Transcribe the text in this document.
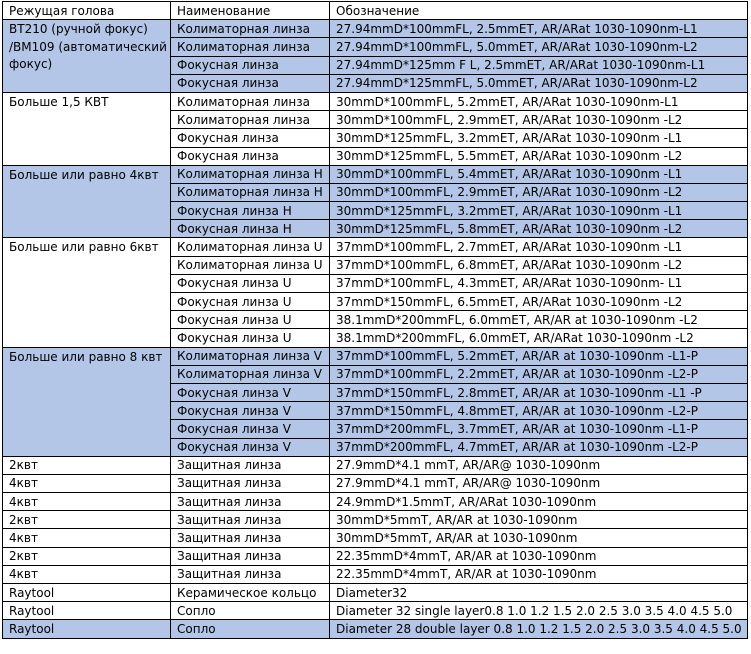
Режущая голова	Наименование	Обозначение
BT210 (ручной фокус) /BM109 (автоматический фокус)	Колиматорная линза	27.94mmD*100mmFL, 2.5mmET, AR/ARat 1030-1090nm-L1
	Колиматорная линза	27.94mmD*100mmFL, 5.0mmET, AR/ARat 1030-1090nm-L2
	Фокусная линза	27.94mmD*125mm F L, 2.5mmET, AR/ARat 1030-1090nm-L1
	Фокусная линза	27.94mmD*125mmFL, 5.0mmET, AR/ARat 1030-1090nm-L2
Больше 1,5 КВТ	Колиматорная линза	30mmD*100mmFL, 5.2mmET, AR/ARat 1030-1090nm-L1
	Колиматорная линза	30mmD*100mmFL, 2.9mmET, AR/ARat 1030-1090nm -L2
	Фокусная линза	30mmD*125mmFL, 3.2mmET, AR/ARat 1030-1090nm -L1
	Фокусная линза	30mmD*125mmFL, 5.5mmET, AR/ARat 1030-1090nm -L2
Больше или равно 4квт	Колиматорная линза H	30mmD*100mmFL, 5.4mmET, AR/ARat 1030-1090nm -L1
	Колиматорная линза H	30mmD*100mmFL, 2.9mmET, AR/ARat 1030-1090nm -L2
	Фокусная линза H	30mmD*125mmFL, 3.2mmET, AR/ARat 1030-1090nm -L1
	Фокусная линза H	30mmD*125mmFL, 5.8mmET, AR/ARat 1030-1090nm -L2
Больше или равно 6квт	Колиматорная линза U	37mmD*100mmFL, 2.7mmET, AR/ARat 1030-1090nm -L1
	Колиматорная линза U	37mmD*100mmFL, 6.8mmET, AR/ARat 1030-1090nm -L2
	Фокусная линза U	37mmD*100mmFL, 4.3mmET, AR/ARat 1030-1090nm- L1
	Фокусная линза U	37mmD*150mmFL, 6.5mmET, AR/ARat 1030-1090nm -L2
	Фокусная линза U	38.1mmD*200mmFL, 6.0mmET, AR/AR at 1030-1090nm -L2
	Фокусная линза U	38.1mmD*200mmFL, 6.0mmET, AR/ARat 1030-1090nm -L2
Больше или равно 8 квт	Колиматорная линза V	37mmD*100mmFL, 5.2mmET, AR/AR at 1030-1090nm -L1-P
	Колиматорная линза V	37mmD*100mmFL, 2.2mmET, AR/AR at 1030-1090nm -L2-P
	Фокусная линза V	37mmD*150mmFL, 2.8mmET, AR/AR at 1030-1090nm -L1 -P
	Фокусная линза V	37mmD*150mmFL, 4.8mmET, AR/AR at 1030-1090nm -L2-P
	Фокусная линза V	37mmD*200mmFL, 3.7mmET, AR/AR at 1030-1090nm -L1-P
	Фокусная линза V	37mmD*200mmFL, 4.7mmET, AR/AR at 1030-1090nm -L2-P
2квт	Защитная линза	27.9mmD*4.1 mmT, AR/AR@ 1030-1090nm
4квт	Защитная линза	27.9mmD*4.1 mmT, AR/AR@ 1030-1090nm
4квт	Защитная линза	24.9mmD*1.5mmT, AR/ARat 1030-1090nm
2квт	Защитная линза	30mmD*5mmT, AR/AR at 1030-1090nm
4квт	Защитная линза	30mmD*5mmT, AR/AR at 1030-1090nm
2квт	Защитная линза	22.35mmD*4mmT, AR/AR at 1030-1090nm
4квт	Защитная линза	22.35mmD*4mmT, AR/AR at 1030-1090nm
Raytool	Керамическое кольцо	Diameter32
Raytool	Сопло	Diameter 32 single layer0.8 1.0 1.2 1.5 2.0 2.5 3.0 3.5 4.0 4.5 5.0
Raytool	Сопло	Diameter 28 double layer 0.8 1.0 1.2 1.5 2.0 2.5 3.0 3.5 4.0 4.5 5.0
